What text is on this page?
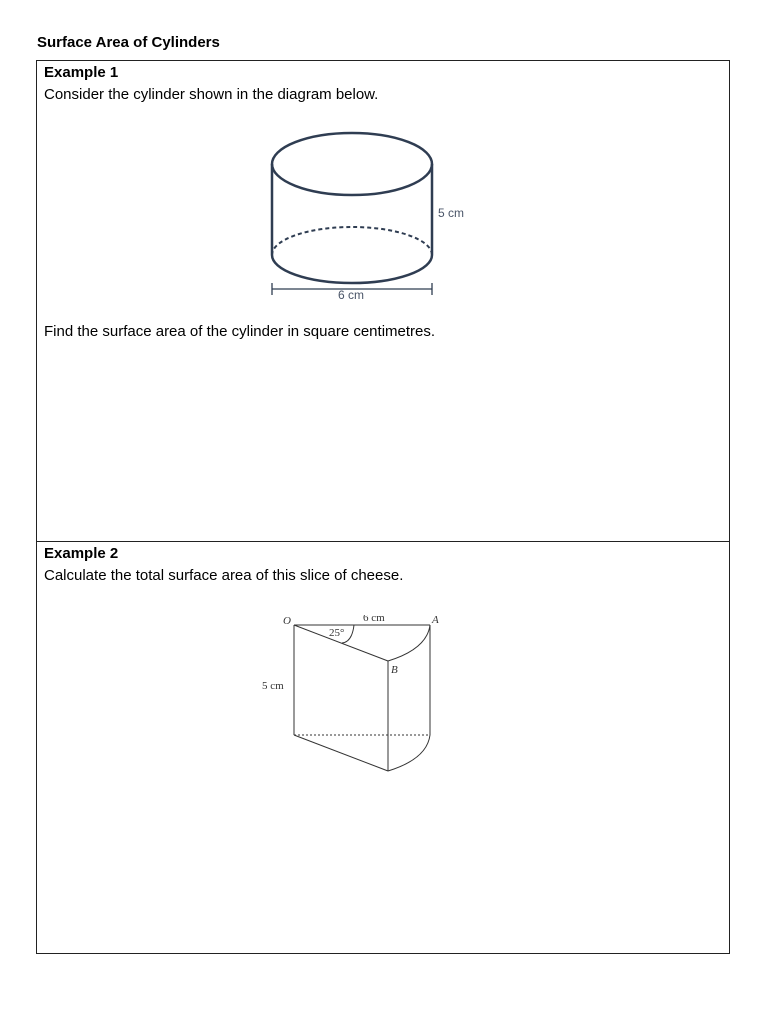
Surface Area of Cylinders
Example 1
Consider the cylinder shown in the diagram below.
5 cm
6 cm
Find the surface area of the cylinder in square centimetres.
Example 2
Calculate the total surface area of this slice of cheese.
O	A
B
6 cm
25°
5 cm
